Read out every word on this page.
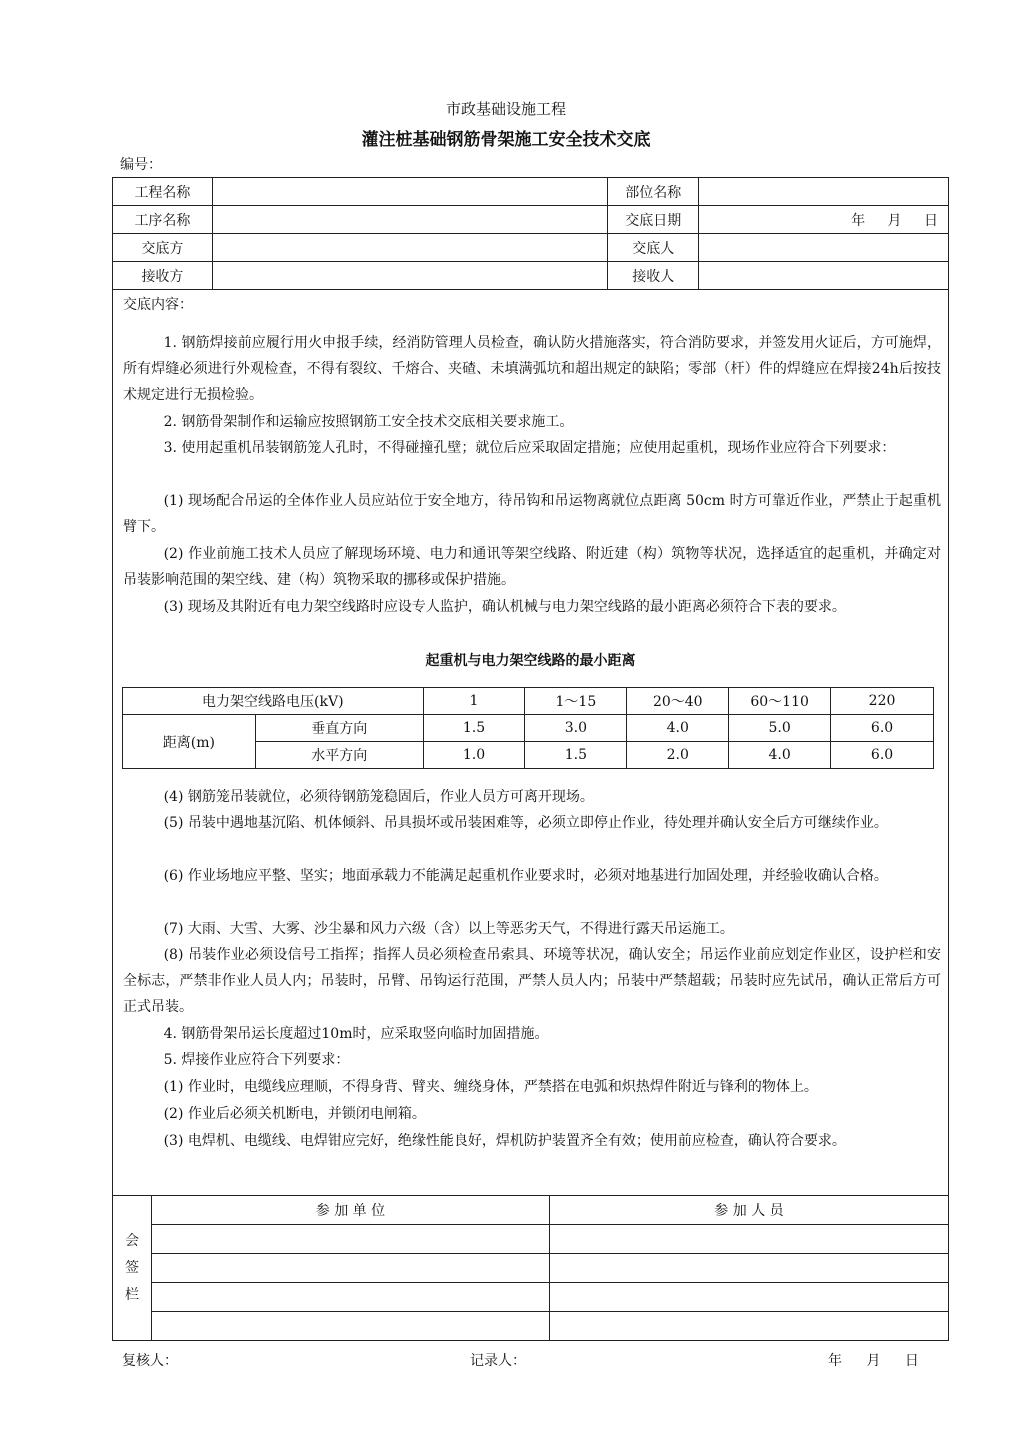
市政基础设施工程
灌注桩基础钢筋骨架施工安全技术交底
编号：
工程名称		部位名称	
工序名称		交底日期	年 月 日
交底方		交底人	
接收方		接收人	
交底内容：
1. 钢筋焊接前应履行用火申报手续，经消防管理人员检查，确认防火措施落实，符合消防要求，并签发用火证后，方可施焊，所有焊缝必须进行外观检查，不得有裂纹、千熔合、夹碴、未填满弧坑和超出规定的缺陷；零部（杆）件的焊缝应在焊接24h后按技术规定进行无损检验。
2. 钢筋骨架制作和运输应按照钢筋工安全技术交底相关要求施工。
3. 使用起重机吊装钢筋笼人孔时，不得碰撞孔壁；就位后应采取固定措施；应使用起重机，现场作业应符合下列要求：
(1) 现场配合吊运的全体作业人员应站位于安全地方，待吊钩和吊运物离就位点距离 50cm 时方可靠近作业，严禁止于起重机臂下。
(2) 作业前施工技术人员应了解现场环境、电力和通讯等架空线路、附近建（构）筑物等状况，选择适宜的起重机，并确定对吊装影响范围的架空线、建（构）筑物采取的挪移或保护措施。
(3) 现场及其附近有电力架空线路时应设专人监护，确认机械与电力架空线路的最小距离必须符合下表的要求。
起重机与电力架空线路的最小距离
电力架空线路电压(kV)		1	1～15	20～40	60～110	220
距离(m)	垂直方向	1.5	3.0	4.0	5.0	6.0
	水平方向	1.0	1.5	2.0	4.0	6.0
(4) 钢筋笼吊装就位，必须待钢筋笼稳固后，作业人员方可离开现场。
(5) 吊装中遇地基沉陷、机体倾斜、吊具损坏或吊装困难等，必须立即停止作业，待处理并确认安全后方可继续作业。
(6) 作业场地应平整、坚实；地面承载力不能满足起重机作业要求时，必须对地基进行加固处理，并经验收确认合格。
(7) 大雨、大雪、大雾、沙尘暴和风力六级（含）以上等恶劣天气，不得进行露天吊运施工。
(8) 吊装作业必须设信号工指挥；指挥人员必须检查吊索具、环境等状况，确认安全；吊运作业前应划定作业区，设护栏和安全标志，严禁非作业人员人内；吊装时，吊臂、吊钩运行范围，严禁人员人内；吊装中严禁超载；吊装时应先试吊，确认正常后方可正式吊装。
4. 钢筋骨架吊运长度超过10m时，应采取竖向临时加固措施。
5. 焊接作业应符合下列要求：
(1) 作业时，电缆线应理顺，不得身背、臂夹、缠绕身体，严禁搭在电弧和炽热焊件附近与锋利的物体上。
(2) 作业后必须关机断电，并锁闭电闸箱。
(3) 电焊机、电缆线、电焊钳应完好，绝缘性能良好，焊机防护装置齐全有效；使用前应检查，确认符合要求。
会
签
栏	参 加 单 位	参 加 人 员

复核人：	记录人：	年 月 日
